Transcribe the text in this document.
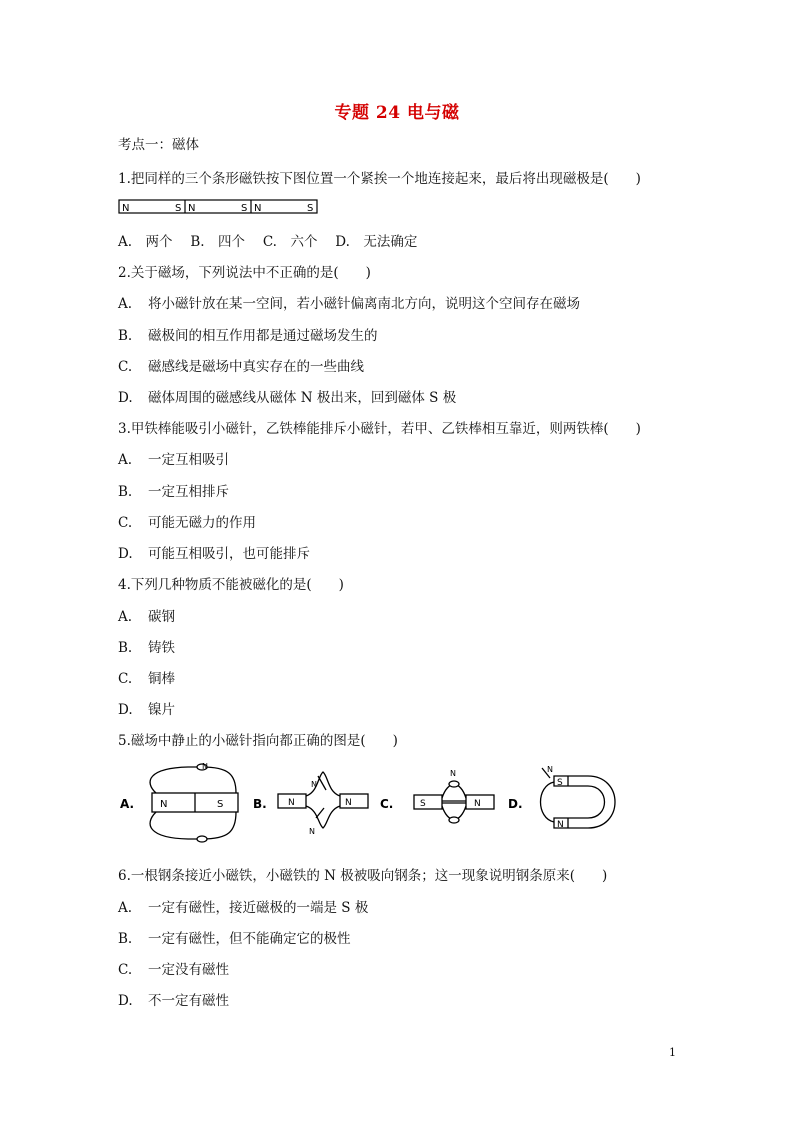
专题 24 电与磁
考点一：磁体
1.把同样的三个条形磁铁按下图位置一个紧挨一个地连接起来，最后将出现磁极是(　　)
N	S N	S N	S
A.　两个　 B.　四个　 C.　六个　 D.　无法确定
2.关于磁场，下列说法中不正确的是(　　)
A. 将小磁针放在某一空间，若小磁针偏离南北方向，说明这个空间存在磁场
B. 磁极间的相互作用都是通过磁场发生的
C. 磁感线是磁场中真实存在的一些曲线
D. 磁体周围的磁感线从磁体 N 极出来，回到磁体 S 极
3.甲铁棒能吸引小磁针，乙铁棒能排斥小磁针，若甲、乙铁棒相互靠近，则两铁棒(　　)
A. 一定互相吸引
B. 一定互相排斥
C. 可能无磁力的作用
D. 可能互相吸引，也可能排斥
4.下列几种物质不能被磁化的是(　　)
A. 碳钢
B. 铸铁
C. 铜棒
D. 镍片
5.磁场中静止的小磁针指向都正确的图是(　　)
A.	N	S
N
B. N	N
N
N
C.	S	N
N
D.
S
N
N
6.一根钢条接近小磁铁，小磁铁的 N 极被吸向钢条；这一现象说明钢条原来(　　)
A. 一定有磁性，接近磁极的一端是 S 极
B. 一定有磁性，但不能确定它的极性
C. 一定没有磁性
D. 不一定有磁性
1
